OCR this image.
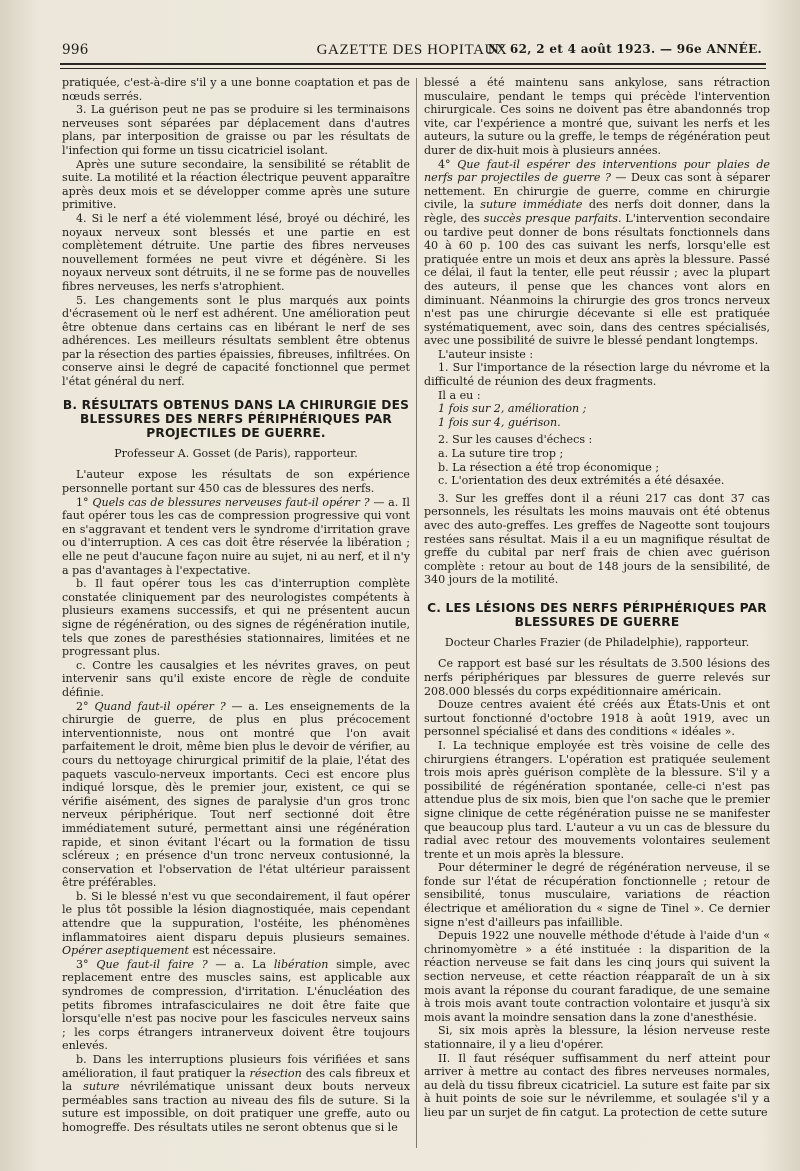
996	GAZETTE DES HOPITAUX
N° 62, 2 et 4 août 1923. — 96e ANNÉE.

pratiquée, c'est-à-dire s'il y a une bonne coaptation et pas de nœuds serrés.

3. La guérison peut ne pas se produire si les terminaisons nerveuses sont séparées par déplacement dans d'autres plans, par interposition de graisse ou par les résultats de l'infection qui forme un tissu cicatriciel isolant.

Après une suture secondaire, la sensibilité se rétablit de suite. La motilité et la réaction électrique peuvent apparaître après deux mois et se développer comme après une suture primitive.

4. Si le nerf a été violemment lésé, broyé ou déchiré, les noyaux nerveux sont blessés et une partie en est complètement détruite. Une partie des fibres nerveuses nouvellement formées ne peut vivre et dégénère. Si les noyaux nerveux sont détruits, il ne se forme pas de nouvelles fibres nerveuses, les nerfs s'atrophient.

5. Les changements sont le plus marqués aux points d'écrasement où le nerf est adhérent. Une amélioration peut être obtenue dans certains cas en libérant le nerf de ses adhérences. Les meilleurs résultats semblent être obtenus par la résection des parties épaissies, fibreuses, infiltrées. On conserve ainsi le degré de capacité fonctionnel que permet l'état général du nerf.

B. RÉSULTATS OBTENUS DANS LA CHIRURGIE DES BLESSURES DES NERFS PÉRIPHÉRIQUES PAR PROJECTILES DE GUERRE.
Professeur A. Gosset (de Paris), rapporteur.

L'auteur expose les résultats de son expérience personnelle portant sur 450 cas de blessures des nerfs.

1° Quels cas de blessures nerveuses faut-il opérer ? — a. Il faut opérer tous les cas de compression progressive qui vont en s'aggravant et tendent vers le syndrome d'irritation grave ou d'interruption. A ces cas doit être réservée la libération ; elle ne peut d'aucune façon nuire au sujet, ni au nerf, et il n'y a pas d'avantages à l'expectative.

b. Il faut opérer tous les cas d'interruption complète constatée cliniquement par des neurologistes compétents à plusieurs examens successifs, et qui ne présentent aucun signe de régénération, ou des signes de régénération inutile, tels que zones de paresthésies stationnaires, limitées et ne progressant plus.

c. Contre les causalgies et les névrites graves, on peut intervenir sans qu'il existe encore de règle de conduite définie.

2° Quand faut-il opérer ? — a. Les enseignements de la chirurgie de guerre, de plus en plus précocement interventionniste, nous ont montré que l'on avait parfaitement le droit, même bien plus le devoir de vérifier, au cours du nettoyage chirurgical primitif de la plaie, l'état des paquets vasculo-nerveux importants. Ceci est encore plus indiqué lorsque, dès le premier jour, existent, ce qui se vérifie aisément, des signes de paralysie d'un gros tronc nerveux périphérique. Tout nerf sectionné doit être immédiatement suturé, permettant ainsi une régénération rapide, et sinon évitant l'écart ou la formation de tissu scléreux ; en présence d'un tronc nerveux contusionné, la conservation et l'observation de l'état ultérieur paraissent être préférables.

b. Si le blessé n'est vu que secondairement, il faut opérer le plus tôt possible la lésion diagnostiquée, mais cependant attendre que la suppuration, l'ostéite, les phénomènes inflammatoires aient disparu depuis plusieurs semaines. Opérer aseptiquement est nécessaire.

3° Que faut-il faire ? — a. La libération simple, avec replacement entre des muscles sains, est applicable aux syndromes de compression, d'irritation. L'énucléation des petits fibromes intrafasciculaires ne doit être faite que lorsqu'elle n'est pas nocive pour les fascicules nerveux sains ; les corps étrangers intranerveux doivent être toujours enlevés.

b. Dans les interruptions plusieurs fois vérifiées et sans amélioration, il faut pratiquer la résection des cals fibreux et la suture névrilématique unissant deux bouts nerveux perméables sans traction au niveau des fils de suture. Si la suture est impossible, on doit pratiquer une greffe, auto ou homogreffe. Des résultats utiles ne seront obtenus que si le

blessé a été maintenu sans ankylose, sans rétraction musculaire, pendant le temps qui précède l'intervention chirurgicale. Ces soins ne doivent pas être abandonnés trop vite, car l'expérience a montré que, suivant les nerfs et les auteurs, la suture ou la greffe, le temps de régénération peut durer de dix-huit mois à plusieurs années.

4° Que faut-il espérer des interventions pour plaies de nerfs par projectiles de guerre ? — Deux cas sont à séparer nettement. En chirurgie de guerre, comme en chirurgie civile, la suture immédiate des nerfs doit donner, dans la règle, des succès presque parfaits. L'intervention secondaire ou tardive peut donner de bons résultats fonctionnels dans 40 à 60 p. 100 des cas suivant les nerfs, lorsqu'elle est pratiquée entre un mois et deux ans après la blessure. Passé ce délai, il faut la tenter, elle peut réussir ; avec la plupart des auteurs, il pense que les chances vont alors en diminuant. Néanmoins la chirurgie des gros troncs nerveux n'est pas une chirurgie décevante si elle est pratiquée systématiquement, avec soin, dans des centres spécialisés, avec une possibilité de suivre le blessé pendant longtemps.

L'auteur insiste :

1. Sur l'importance de la résection large du névrome et la difficulté de réunion des deux fragments.

Il a eu :

1 fois sur 2, amélioration ;

1 fois sur 4, guérison.

2. Sur les causes d'échecs :

a. La suture tire trop ;

b. La résection a été trop économique ;

c. L'orientation des deux extrémités a été désaxée.

3. Sur les greffes dont il a réuni 217 cas dont 37 cas personnels, les résultats les moins mauvais ont été obtenus avec des auto-greffes. Les greffes de Nageotte sont toujours restées sans résultat. Mais il a eu un magnifique résultat de greffe du cubital par nerf frais de chien avec guérison complète : retour au bout de 148 jours de la sensibilité, de 340 jours de la motilité.

C. LES LÉSIONS DES NERFS PÉRIPHÉRIQUES PAR BLESSURES DE GUERRE
Docteur Charles Frazier (de Philadelphie), rapporteur.

Ce rapport est basé sur les résultats de 3.500 lésions des nerfs périphériques par blessures de guerre relevés sur 208.000 blessés du corps expéditionnaire américain.

Douze centres avaient été créés aux États-Unis et ont surtout fonctionné d'octobre 1918 à août 1919, avec un personnel spécialisé et dans des conditions « idéales ».

I. La technique employée est très voisine de celle des chirurgiens étrangers. L'opération est pratiquée seulement trois mois après guérison complète de la blessure. S'il y a possibilité de régénération spontanée, celle-ci n'est pas attendue plus de six mois, bien que l'on sache que le premier signe clinique de cette régénération puisse ne se manifester que beaucoup plus tard. L'auteur a vu un cas de blessure du radial avec retour des mouvements volontaires seulement trente et un mois après la blessure.

Pour déterminer le degré de régénération nerveuse, il se fonde sur l'état de récupération fonctionnelle ; retour de sensibilité, tonus musculaire, variations de réaction électrique et amélioration du « signe de Tinel ». Ce dernier signe n'est d'ailleurs pas infaillible.

Depuis 1922 une nouvelle méthode d'étude à l'aide d'un « chrinomyomètre » a été instituée : la disparition de la réaction nerveuse se fait dans les cinq jours qui suivent la section nerveuse, et cette réaction réapparaît de un à six mois avant la réponse du courant faradique, de une semaine à trois mois avant toute contraction volontaire et jusqu'à six mois avant la moindre sensation dans la zone d'anesthésie.

Si, six mois après la blessure, la lésion nerveuse reste stationnaire, il y a lieu d'opérer.

II. Il faut réséquer suffisamment du nerf atteint pour arriver à mettre au contact des fibres nerveuses normales, au delà du tissu fibreux cicatriciel. La suture est faite par six à huit points de soie sur le névrilemme, et soulagée s'il y a lieu par un surjet de fin catgut. La protection de cette suture
